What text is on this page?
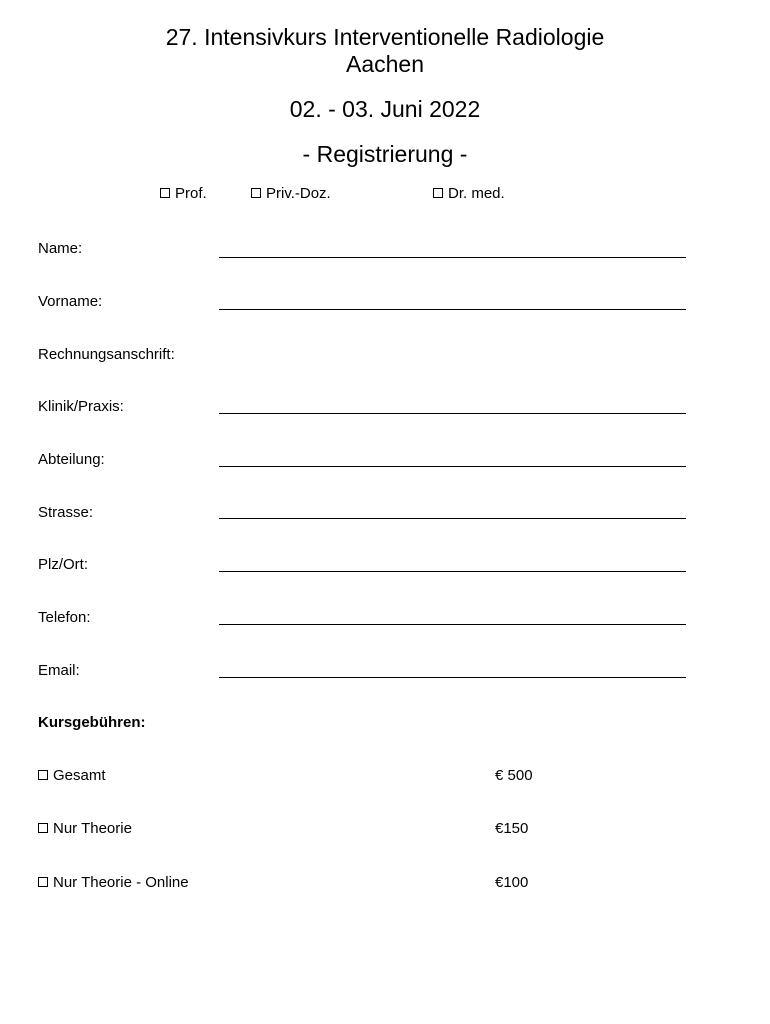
27. Intensivkurs Interventionelle Radiologie
Aachen
02. - 03. Juni 2022
- Registrierung -
Prof.	Priv.-Doz.	Dr. med.
Name:
Vorname:
Rechnungsanschrift:
Klinik/Praxis:
Abteilung:
Strasse:
Plz/Ort:
Telefon:
Email:
Kursgebühren:
Gesamt	€ 500
Nur Theorie	€150
Nur Theorie - Online	€100
